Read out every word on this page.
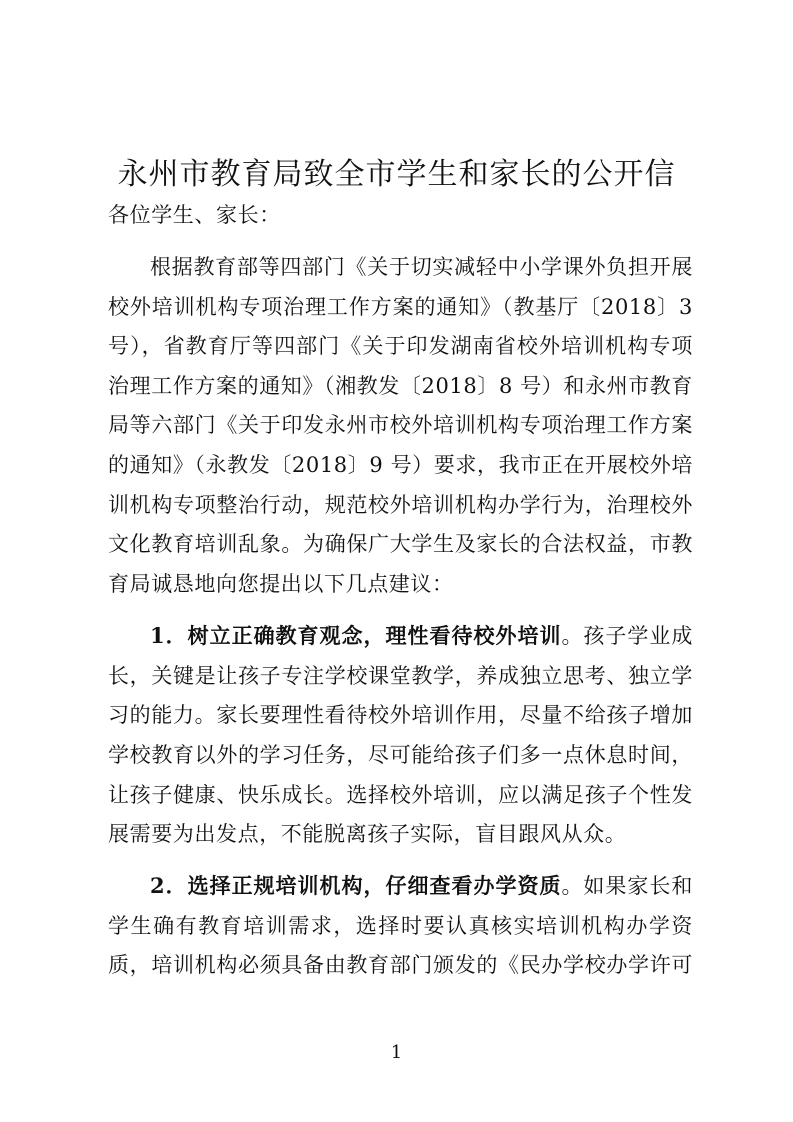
永州市教育局致全市学生和家长的公开信
各位学生、家长：
根据教育部等四部门《关于切实减轻中小学课外负担开展
校外培训机构专项治理工作方案的通知》（教基厅〔2018〕3
号），省教育厅等四部门《关于印发湖南省校外培训机构专项
治理工作方案的通知》（湘教发〔2018〕8 号）和永州市教育
局等六部门《关于印发永州市校外培训机构专项治理工作方案
的通知》（永教发〔2018〕9 号）要求，我市正在开展校外培
训机构专项整治行动，规范校外培训机构办学行为，治理校外
文化教育培训乱象。为确保广大学生及家长的合法权益，市教
育局诚恳地向您提出以下几点建议：
1．树立正确教育观念，理性看待校外培训。孩子学业成
长，关键是让孩子专注学校课堂教学，养成独立思考、独立学
习的能力。家长要理性看待校外培训作用，尽量不给孩子增加
学校教育以外的学习任务，尽可能给孩子们多一点休息时间，
让孩子健康、快乐成长。选择校外培训，应以满足孩子个性发
展需要为出发点，不能脱离孩子实际，盲目跟风从众。
2．选择正规培训机构，仔细查看办学资质。如果家长和
学生确有教育培训需求，选择时要认真核实培训机构办学资
质，培训机构必须具备由教育部门颁发的《民办学校办学许可
1
